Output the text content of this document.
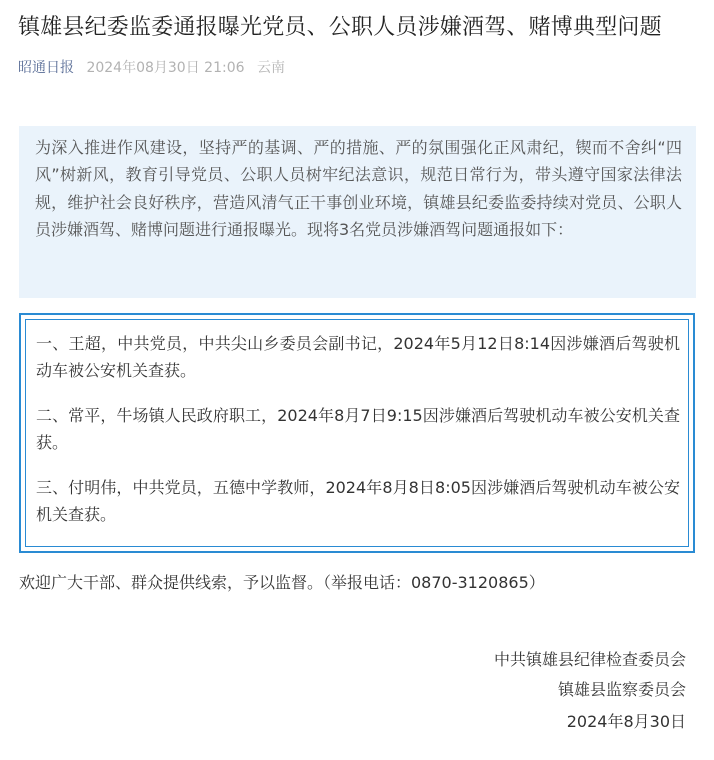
镇雄县纪委监委通报曝光党员、公职人员涉嫌酒驾、赌博典型问题
昭通日报 2024年08月30日 21:06 云南
为深入推进作风建设，坚持严的基调、严的措施、严的氛围强化正风肃纪，锲而不舍纠“四风”树新风，教育引导党员、公职人员树牢纪法意识，规范日常行为，带头遵守国家法律法规，维护社会良好秩序，营造风清气正干事创业环境，镇雄县纪委监委持续对党员、公职人员涉嫌酒驾、赌博问题进行通报曝光。现将3名党员涉嫌酒驾问题通报如下：

一、王超，中共党员，中共尖山乡委员会副书记，2024年5月12日8:14因涉嫌酒后驾驶机动车被公安机关查获。

二、常平，牛场镇人民政府职工，2024年8月7日9:15因涉嫌酒后驾驶机动车被公安机关查获。

三、付明伟，中共党员，五德中学教师，2024年8月8日8:05因涉嫌酒后驾驶机动车被公安机关查获。

欢迎广大干部、群众提供线索，予以监督。（举报电话：0870-3120865）
中共镇雄县纪律检查委员会
镇雄县监察委员会
2024年8月30日
